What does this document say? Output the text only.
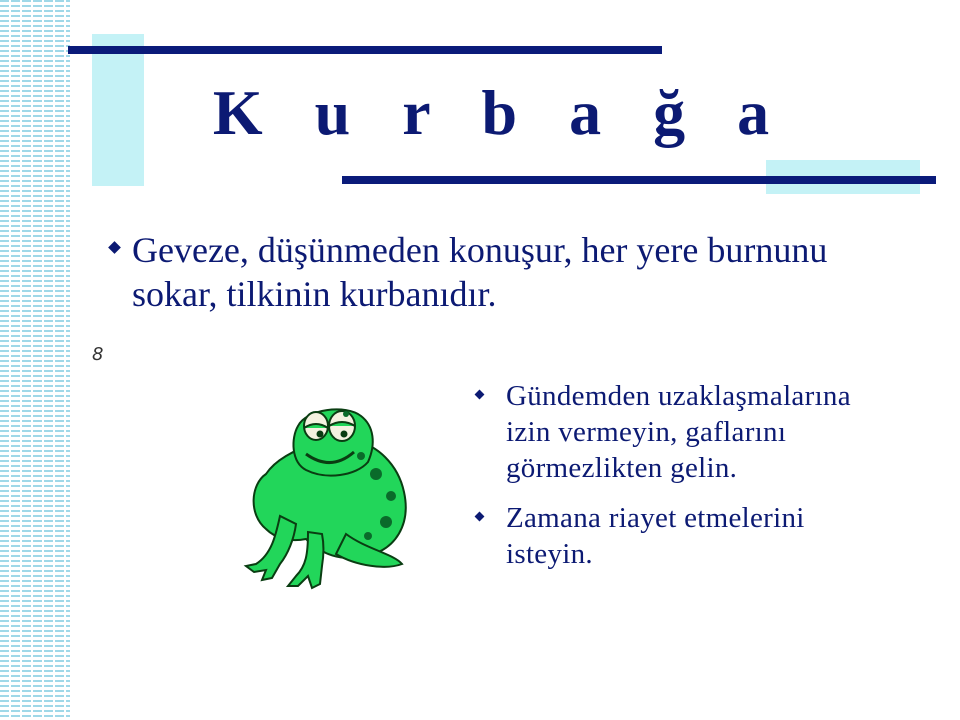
K u r b a ğ a
Geveze, düşünmeden konuşur, her yere burnunu sokar, tilkinin kurbanıdır.
8
Gündemden uzaklaşmalarına izin vermeyin, gaflarını görmezlikten gelin.
Zamana riayet etmelerini isteyin.
